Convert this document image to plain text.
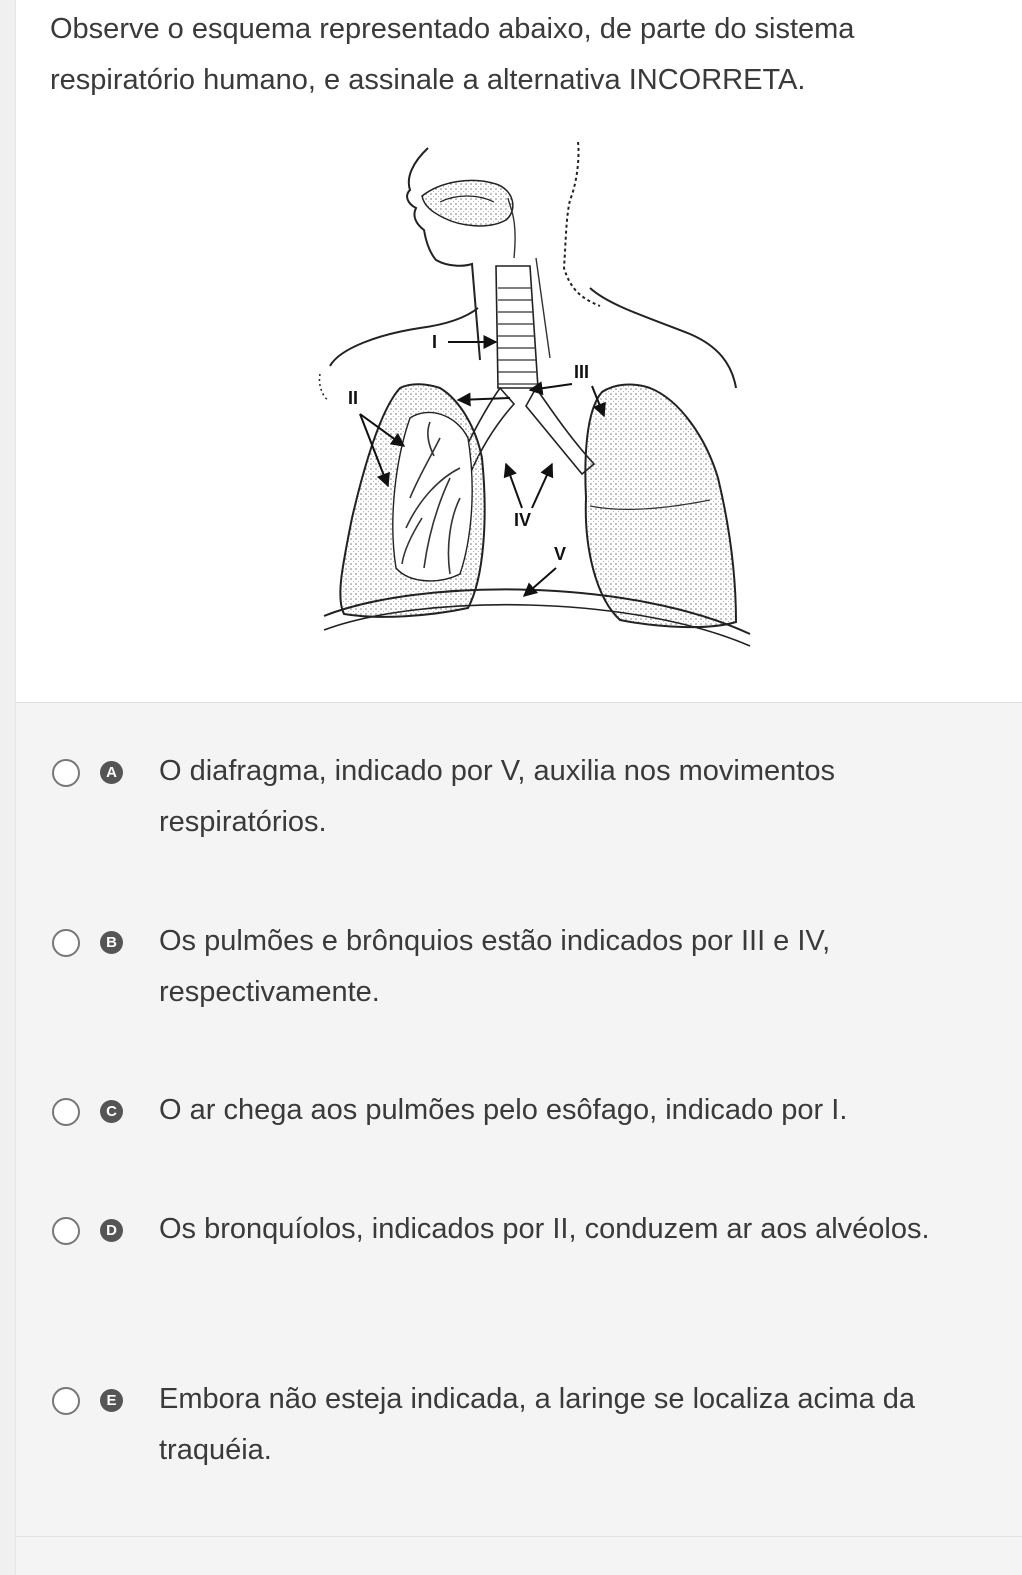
Observe o esquema representado abaixo, de parte do sistema respiratório humano, e assinale a alternativa INCORRETA.

I
II
III
IV
V
A O diafragma, indicado por V, auxilia nos movimentos respiratórios.
B Os pulmões e brônquios estão indicados por III e IV, respectivamente.
C O ar chega aos pulmões pelo esôfago, indicado por I.
D Os bronquíolos, indicados por II, conduzem ar aos alvéolos.
E Embora não esteja indicada, a laringe se localiza acima da traquéia.
